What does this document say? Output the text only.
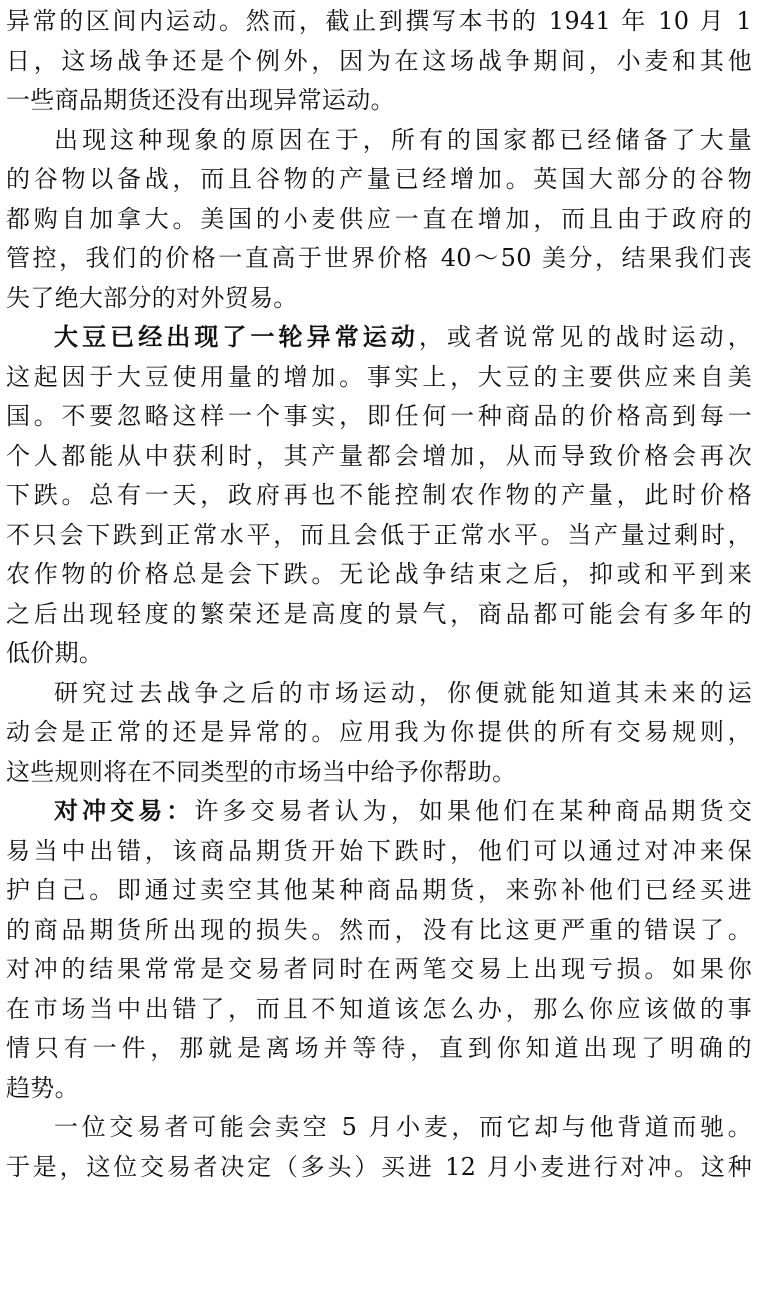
异常的区间内运动。然而，截止到撰写本书的 1941 年 10 月 1
日，这场战争还是个例外，因为在这场战争期间，小麦和其他
一些商品期货还没有出现异常运动。
出现这种现象的原因在于，所有的国家都已经储备了大量
的谷物以备战，而且谷物的产量已经增加。英国大部分的谷物
都购自加拿大。美国的小麦供应一直在增加，而且由于政府的
管控，我们的价格一直高于世界价格 40～50 美分，结果我们丧
失了绝大部分的对外贸易。
大豆已经出现了一轮异常运动，或者说常见的战时运动，
这起因于大豆使用量的增加。事实上，大豆的主要供应来自美
国。不要忽略这样一个事实，即任何一种商品的价格高到每一
个人都能从中获利时，其产量都会增加，从而导致价格会再次
下跌。总有一天，政府再也不能控制农作物的产量，此时价格
不只会下跌到正常水平，而且会低于正常水平。当产量过剩时，
农作物的价格总是会下跌。无论战争结束之后，抑或和平到来
之后出现轻度的繁荣还是高度的景气，商品都可能会有多年的
低价期。
研究过去战争之后的市场运动，你便就能知道其未来的运
动会是正常的还是异常的。应用我为你提供的所有交易规则，
这些规则将在不同类型的市场当中给予你帮助。
对冲交易：许多交易者认为，如果他们在某种商品期货交
易当中出错，该商品期货开始下跌时，他们可以通过对冲来保
护自己。即通过卖空其他某种商品期货，来弥补他们已经买进
的商品期货所出现的损失。然而，没有比这更严重的错误了。
对冲的结果常常是交易者同时在两笔交易上出现亏损。如果你
在市场当中出错了，而且不知道该怎么办，那么你应该做的事
情只有一件，那就是离场并等待，直到你知道出现了明确的
趋势。
一位交易者可能会卖空 5 月小麦，而它却与他背道而驰。
于是，这位交易者决定（多头）买进 12 月小麦进行对冲。这种
